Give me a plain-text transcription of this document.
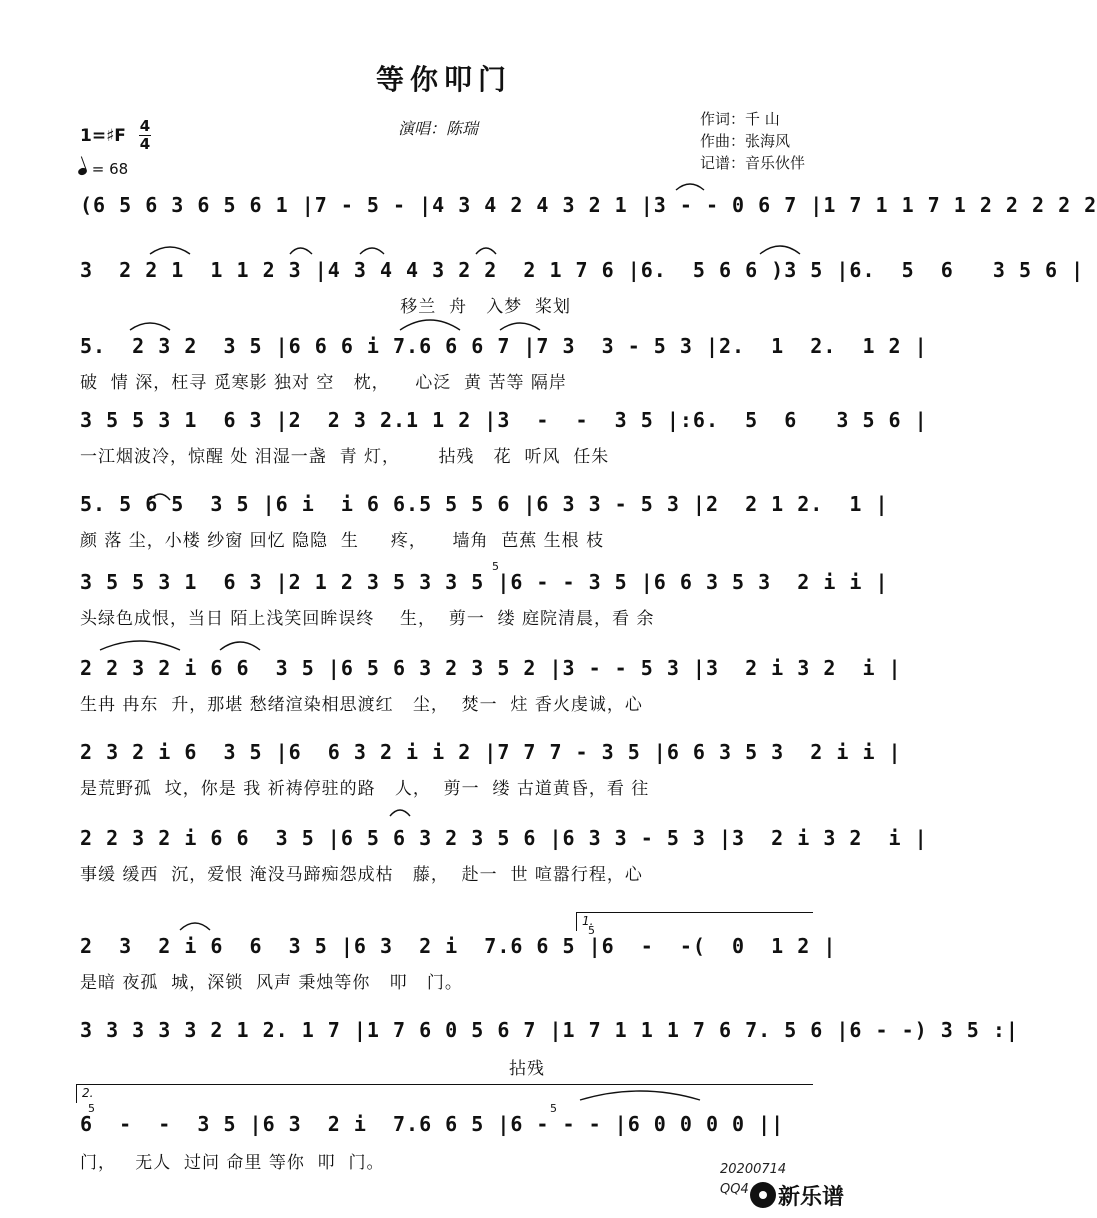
等你叩门
演唱：陈瑞	作词：千 山
作曲：张海风
记谱：音乐伙伴
1=♯F 4
4
= 68
(6 5 6 3 6 5 6 1 |7 - 5 - |4 3 4 2 4 3 2 1 |3 - - 0 6 7 |1 7 1 1 7 1 2 2 2 2 2
3  2 2 1  1 1 2 3 |4 3 4 4 3 2 2  2 1 7 6 |6.  5 6 6 )3 5 |6.  5  6   3 5 6 |
移兰  舟   入梦  桨划
5.  2 3 2  3 5 |6 6 6 i 7.6 6 6 7 |7 3  3 - 5 3 |2.  1  2.  1 2 |
破  情 深，枉寻 觅寒影 独对 空   枕，    心泛  黄 苦等 隔岸
3 5 5 3 1  6 3 |2  2 3 2.1 1 2 |3  -  -  3 5 |:6.  5  6   3 5 6 |
一江烟波冷，惊醒 处 泪湿一盏  青 灯，      拈残   花  听风  任朱
5. 5 6 5  3 5 |6 i  i 6 6.5 5 5 6 |6 3 3 - 5 3 |2  2 1 2.  1 |
颜 落 尘，小楼 纱窗 回忆 隐隐  生     疼，    墙角  芭蕉 生根 枝
3 5 5 3 1  6 3 |2 1 2 3 5 3 3 5 |6 - - 3 5 |6 6 3 5 3  2 i i |
头绿色成恨，当日 陌上浅笑回眸误终    生，  剪一  缕 庭院清晨，看 余
2 2 3 2 i 6 6  3 5 |6 5 6 3 2 3 5 2 |3 - - 5 3 |3  2 i 3 2  i |
生冉 冉东  升，那堪 愁绪渲染相思渡红   尘，  焚一  炷 香火虔诚，心
2 3 2 i 6  3 5 |6  6 3 2 i i 2 |7 7 7 - 3 5 |6 6 3 5 3  2 i i |
是荒野孤  坟，你是 我 祈祷停驻的路   人，  剪一  缕 古道黄昏，看 往
2 2 3 2 i 6 6  3 5 |6 5 6 3 2 3 5 6 |6 3 3 - 5 3 |3  2 i 3 2  i |
事缓 缓西  沉，爱恨 淹没马蹄痴怨成枯   藤，  赴一  世 喧嚣行程，心
2  3  2 i 6  6  3 5 |6 3  2 i  7.6 6 5 |6  -  -(  0  1 2 |
是暗 夜孤  城，深锁  风声 秉烛等你   叩   门。
3 3 3 3 3 2 1 2. 1 7 |1 7 6 0 5 6 7 |1 7 1 1 1 7 6 7. 5 6 |6 - -) 3 5 :|
拈残
6  -  -  3 5 |6 3  2 i  7.6 6 5 |6 - - - |6 0 0 0 0 ||
门，   无人  过问 命里 等你  叩  门。
1.
2.
5
5
5	5
20200714
QQ4	新乐谱
